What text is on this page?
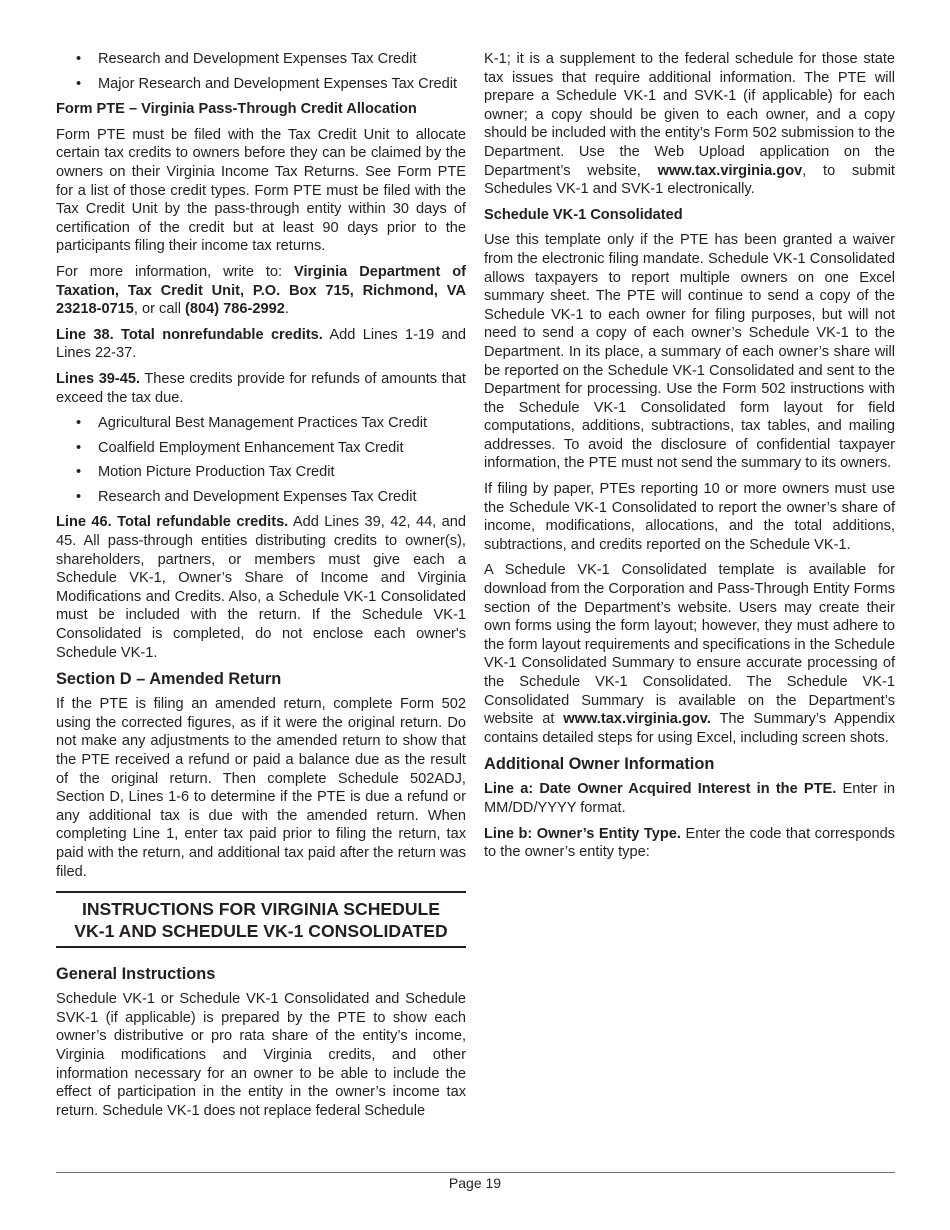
• Research and Development Expenses Tax Credit
• Major Research and Development Expenses Tax Credit
Form PTE – Virginia Pass-Through Credit Allocation

Form PTE must be filed with the Tax Credit Unit to allocate certain tax credits to owners before they can be claimed by the owners on their Virginia Income Tax Returns. See Form PTE for a list of those credit types. Form PTE must be filed with the Tax Credit Unit by the pass-through entity within 30 days of certification of the credit but at least 90 days prior to the participants filing their income tax returns.

For more information, write to: Virginia Department of Taxation, Tax Credit Unit, P.O. Box 715, Richmond, VA 23218-0715, or call (804) 786-2992.

Line 38. Total nonrefundable credits. Add Lines 1-19 and Lines 22-37.

Lines 39-45. These credits provide for refunds of amounts that exceed the tax due.

• Agricultural Best Management Practices Tax Credit
• Coalfield Employment Enhancement Tax Credit
• Motion Picture Production Tax Credit
• Research and Development Expenses Tax Credit

Line 46. Total refundable credits. Add Lines 39, 42, 44, and 45. All pass-through entities distributing credits to owner(s), shareholders, partners, or members must give each a Schedule VK-1, Owner’s Share of Income and Virginia Modifications and Credits. Also, a Schedule VK-1 Consolidated must be included with the return. If the Schedule VK-1 Consolidated is completed, do not enclose each owner's Schedule VK-1.

Section D – Amended Return

If the PTE is filing an amended return, complete Form 502 using the corrected figures, as if it were the original return. Do not make any adjustments to the amended return to show that the PTE received a refund or paid a balance due as the result of the original return. Then complete Schedule 502ADJ, Section D, Lines 1-6 to determine if the PTE is due a refund or any additional tax is due with the amended return. When completing Line 1, enter tax paid prior to filing the return, tax paid with the return, and additional tax paid after the return was filed.

INSTRUCTIONS FOR VIRGINIA SCHEDULE
VK-1 AND SCHEDULE VK-1 CONSOLIDATED
General Instructions

Schedule VK-1 or Schedule VK-1 Consolidated and Schedule SVK-1 (if applicable) is prepared by the PTE to show each owner’s distributive or pro rata share of the entity’s income, Virginia modifications and Virginia credits, and other information necessary for an owner to be able to include the effect of participation in the entity in the owner’s income tax return. Schedule VK-1 does not replace federal Schedule

K-1; it is a supplement to the federal schedule for those state tax issues that require additional information. The PTE will prepare a Schedule VK-1 and SVK-1 (if applicable) for each owner; a copy should be given to each owner, and a copy should be included with the entity’s Form 502 submission to the Department. Use the Web Upload application on the Department’s website, www.tax.virginia.gov, to submit Schedules VK-1 and SVK-1 electronically.

Schedule VK-1 Consolidated

Use this template only if the PTE has been granted a waiver from the electronic filing mandate. Schedule VK-1 Consolidated allows taxpayers to report multiple owners on one Excel summary sheet. The PTE will continue to send a copy of the Schedule VK-1 to each owner for filing purposes, but will not need to send a copy of each owner’s Schedule VK-1 to the Department. In its place, a summary of each owner’s share will be reported on the Schedule VK-1 Consolidated and sent to the Department for processing. Use the Form 502 instructions with the Schedule VK-1 Consolidated form layout for field computations, additions, subtractions, tax tables, and mailing addresses. To avoid the disclosure of confidential taxpayer information, the PTE must not send the summary to its owners.

If filing by paper, PTEs reporting 10 or more owners must use the Schedule VK-1 Consolidated to report the owner’s share of income, modifications, allocations, and the total additions, subtractions, and credits reported on the Schedule VK-1.

A Schedule VK-1 Consolidated template is available for download from the Corporation and Pass-Through Entity Forms section of the Department’s website. Users may create their own forms using the form layout; however, they must adhere to the form layout requirements and specifications in the Schedule VK-1 Consolidated Summary to ensure accurate processing of the Schedule VK-1 Consolidated. The Schedule VK-1 Consolidated Summary is available on the Department’s website at www.tax.virginia.gov. The Summary’s Appendix contains detailed steps for using Excel, including screen shots.

Additional Owner Information

Line a: Date Owner Acquired Interest in the PTE. Enter in MM/DD/YYYY format.

Line b: Owner’s Entity Type. Enter the code that corresponds to the owner’s entity type:

Page 19
